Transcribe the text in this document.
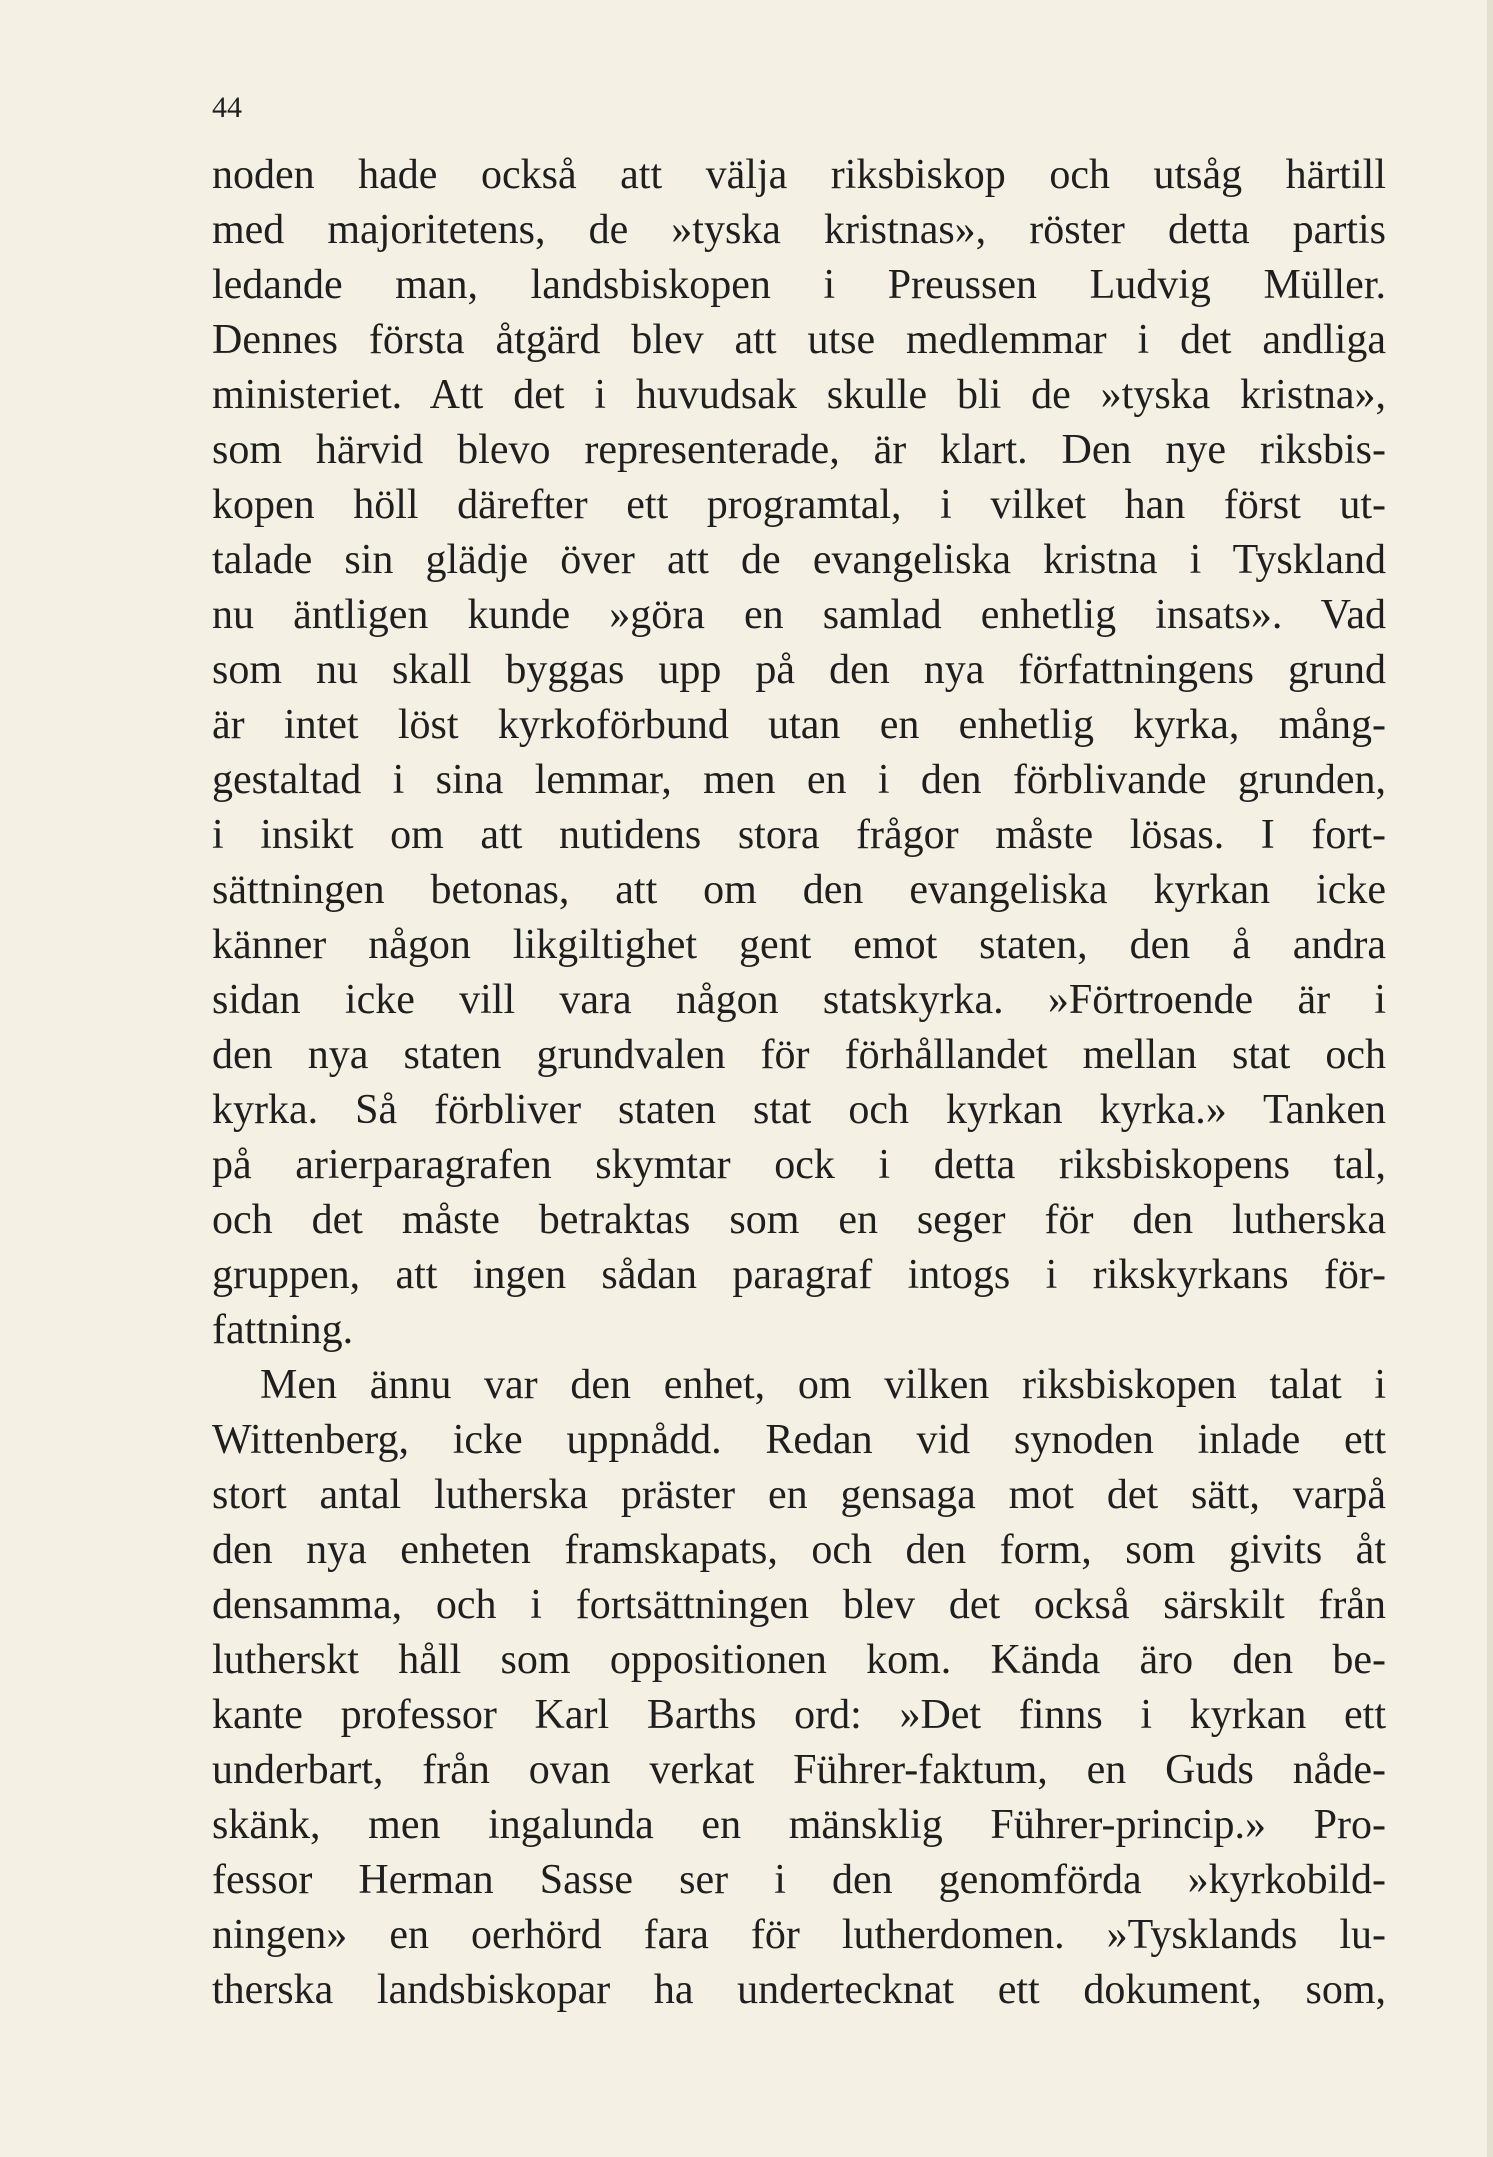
44
noden hade också att välja riksbiskop och utsåg härtill
med majoritetens, de »tyska kristnas», röster detta partis
ledande man, landsbiskopen i Preussen Ludvig Müller.
Dennes första åtgärd blev att utse medlemmar i det andliga
ministeriet. Att det i huvudsak skulle bli de »tyska kristna»,
som härvid blevo representerade, är klart. Den nye riksbis-
kopen höll därefter ett programtal, i vilket han först ut-
talade sin glädje över att de evangeliska kristna i Tyskland
nu äntligen kunde »göra en samlad enhetlig insats». Vad
som nu skall byggas upp på den nya författningens grund
är intet löst kyrkoförbund utan en enhetlig kyrka, mång-
gestaltad i sina lemmar, men en i den förblivande grunden,
i insikt om att nutidens stora frågor måste lösas. I fort-
sättningen betonas, att om den evangeliska kyrkan icke
känner någon likgiltighet gent emot staten, den å andra
sidan icke vill vara någon statskyrka. »Förtroende är i
den nya staten grundvalen för förhållandet mellan stat och
kyrka. Så förbliver staten stat och kyrkan kyrka.» Tanken
på arierparagrafen skymtar ock i detta riksbiskopens tal,
och det måste betraktas som en seger för den lutherska
gruppen, att ingen sådan paragraf intogs i rikskyrkans för-
fattning.
Men ännu var den enhet, om vilken riksbiskopen talat i
Wittenberg, icke uppnådd. Redan vid synoden inlade ett
stort antal lutherska präster en gensaga mot det sätt, varpå
den nya enheten framskapats, och den form, som givits åt
densamma, och i fortsättningen blev det också särskilt från
lutherskt håll som oppositionen kom. Kända äro den be-
kante professor Karl Barths ord: »Det finns i kyrkan ett
underbart, från ovan verkat Führer-faktum, en Guds nåde-
skänk, men ingalunda en mänsklig Führer-princip.» Pro-
fessor Herman Sasse ser i den genomförda »kyrkobild-
ningen» en oerhörd fara för lutherdomen. »Tysklands lu-
therska landsbiskopar ha undertecknat ett dokument, som,
